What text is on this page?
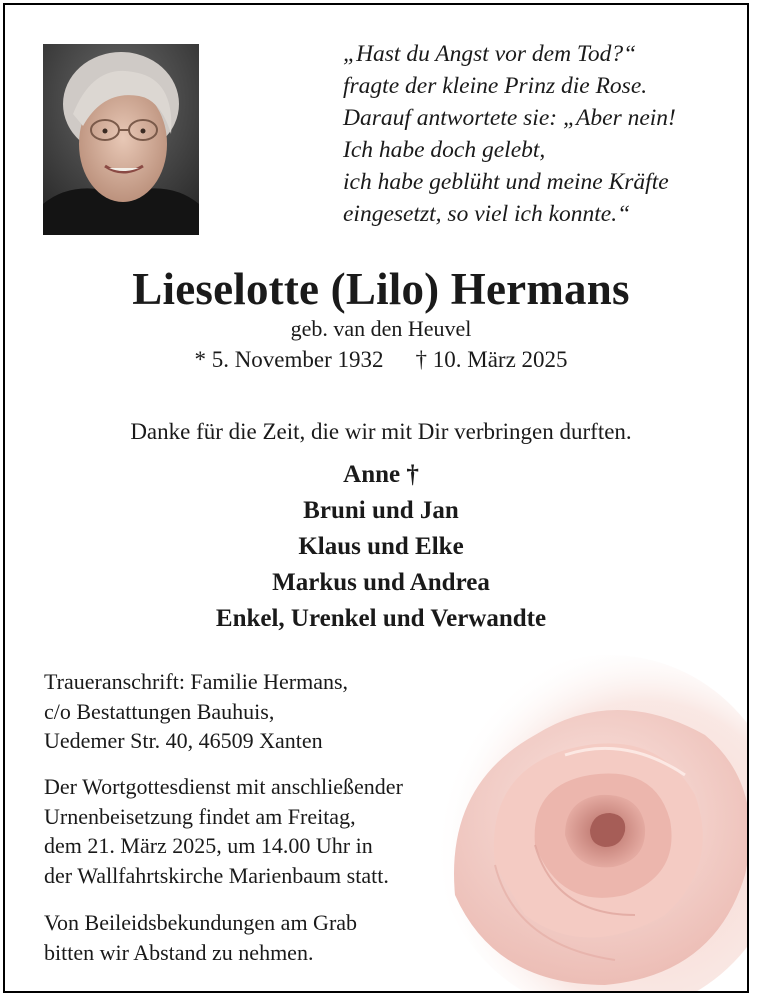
„Hast du Angst vor dem Tod?“
fragte der kleine Prinz die Rose.
Darauf antwortete sie: „Aber nein!
Ich habe doch gelebt,
ich habe geblüht und meine Kräfte
eingesetzt, so viel ich konnte.“
Lieselotte (Lilo) Hermans
geb. van den Heuvel
* 5. November 1932 † 10. März 2025
Danke für die Zeit, die wir mit Dir verbringen durften.
Anne †
Bruni und Jan
Klaus und Elke
Markus und Andrea
Enkel, Urenkel und Verwandte
Traueranschrift: Familie Hermans,
c/o Bestattungen Bauhuis,
Uedemer Str. 40, 46509 Xanten
Der Wortgottesdienst mit anschließender
Urnenbeisetzung findet am Freitag,
dem 21. März 2025, um 14.00 Uhr in
der Wallfahrtskirche Marienbaum statt.
Von Beileidsbekundungen am Grab
bitten wir Abstand zu nehmen.
